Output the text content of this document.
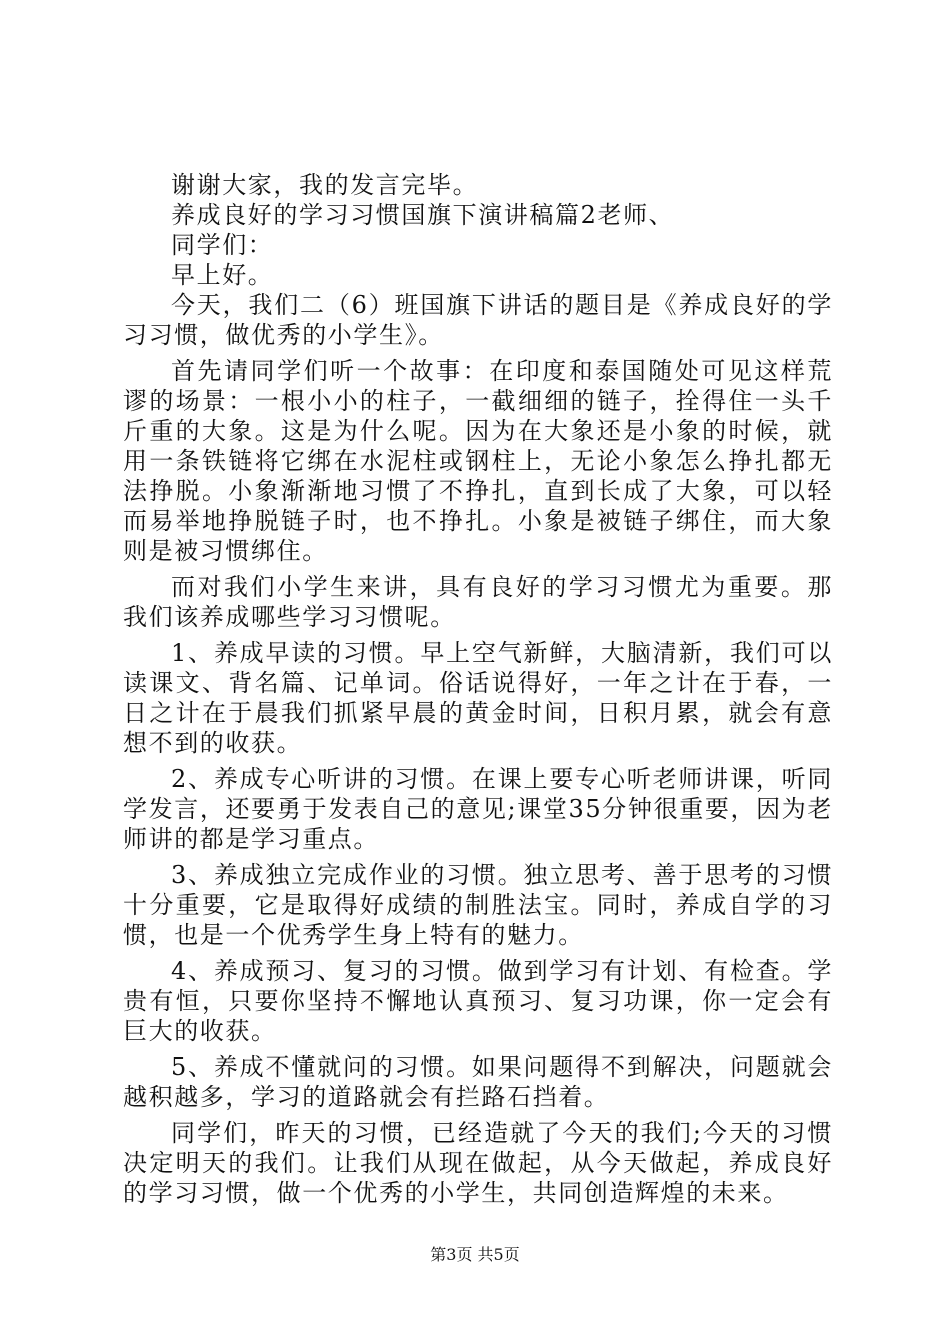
谢谢大家，我的发言完毕。

养成良好的学习习惯国旗下演讲稿篇2老师、

同学们：

早上好。

今天，我们二（6）班国旗下讲话的题目是《养成良好的学习习惯，做优秀的小学生》。

首先请同学们听一个故事：在印度和泰国随处可见这样荒谬的场景：一根小小的柱子，一截细细的链子，拴得住一头千斤重的大象。这是为什么呢。因为在大象还是小象的时候，就用一条铁链将它绑在水泥柱或钢柱上，无论小象怎么挣扎都无法挣脱。小象渐渐地习惯了不挣扎，直到长成了大象，可以轻而易举地挣脱链子时，也不挣扎。小象是被链子绑住，而大象则是被习惯绑住。

而对我们小学生来讲，具有良好的学习习惯尤为重要。那我们该养成哪些学习习惯呢。

1、养成早读的习惯。早上空气新鲜，大脑清新，我们可以读课文、背名篇、记单词。俗话说得好，一年之计在于春，一日之计在于晨我们抓紧早晨的黄金时间，日积月累，就会有意想不到的收获。

2、养成专心听讲的习惯。在课上要专心听老师讲课，听同学发言，还要勇于发表自己的意见;课堂35分钟很重要，因为老师讲的都是学习重点。

3、养成独立完成作业的习惯。独立思考、善于思考的习惯十分重要，它是取得好成绩的制胜法宝。同时，养成自学的习惯，也是一个优秀学生身上特有的魅力。

4、养成预习、复习的习惯。做到学习有计划、有检查。学贵有恒，只要你坚持不懈地认真预习、复习功课，你一定会有巨大的收获。

5、养成不懂就问的习惯。如果问题得不到解决，问题就会越积越多，学习的道路就会有拦路石挡着。

同学们，昨天的习惯，已经造就了今天的我们;今天的习惯决定明天的我们。让我们从现在做起，从今天做起，养成良好的学习习惯，做一个优秀的小学生，共同创造辉煌的未来。

第3页 共5页
